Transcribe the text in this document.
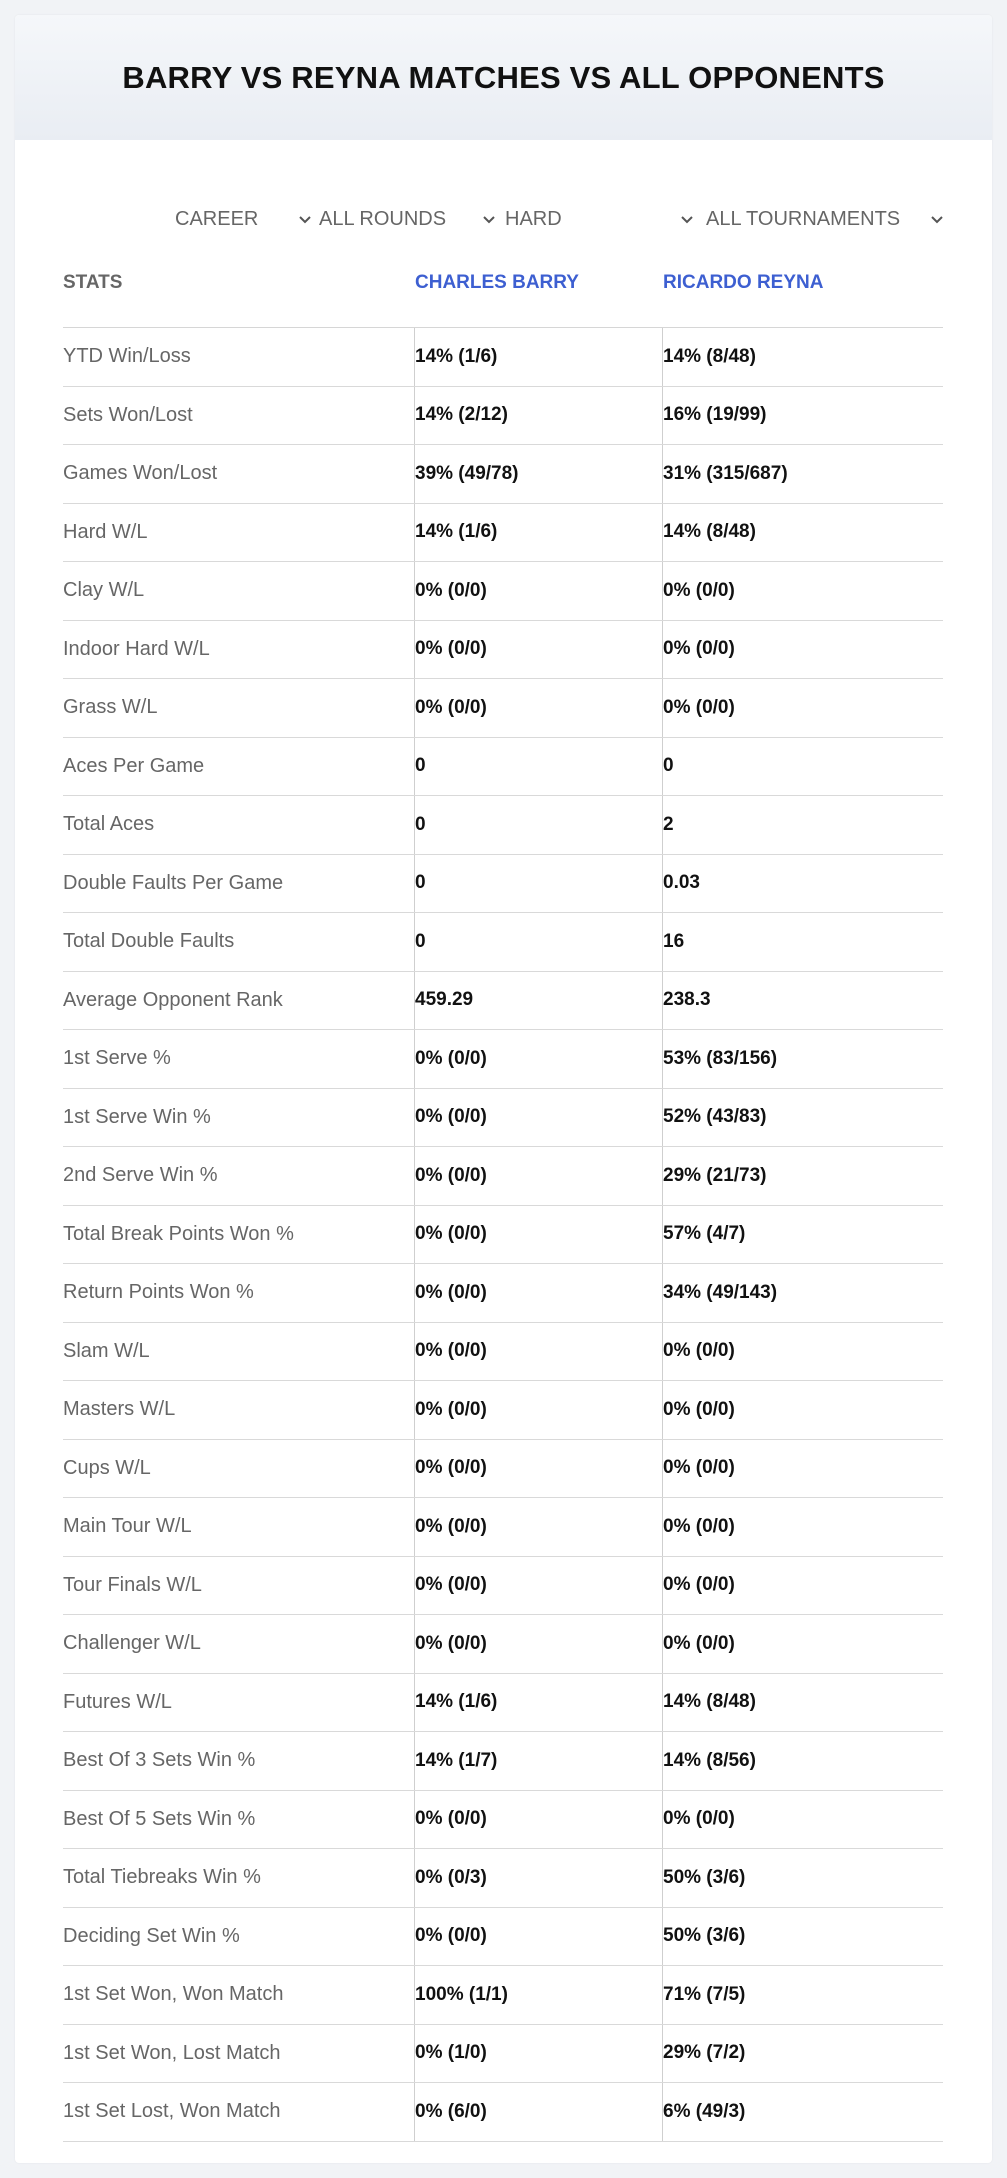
BARRY VS REYNA MATCHES VS ALL OPPONENTS
CAREER	ALL ROUNDS	HARD	ALL TOURNAMENTS
STATS	CHARLES BARRY	RICARDO REYNA
YTD Win/Loss	14% (1/6)	14% (8/48)
Sets Won/Lost	14% (2/12)	16% (19/99)
Games Won/Lost	39% (49/78)	31% (315/687)
Hard W/L	14% (1/6)	14% (8/48)
Clay W/L	0% (0/0)	0% (0/0)
Indoor Hard W/L	0% (0/0)	0% (0/0)
Grass W/L	0% (0/0)	0% (0/0)
Aces Per Game	0	0
Total Aces	0	2
Double Faults Per Game	0	0.03
Total Double Faults	0	16
Average Opponent Rank	459.29	238.3
1st Serve %	0% (0/0)	53% (83/156)
1st Serve Win %	0% (0/0)	52% (43/83)
2nd Serve Win %	0% (0/0)	29% (21/73)
Total Break Points Won %	0% (0/0)	57% (4/7)
Return Points Won %	0% (0/0)	34% (49/143)
Slam W/L	0% (0/0)	0% (0/0)
Masters W/L	0% (0/0)	0% (0/0)
Cups W/L	0% (0/0)	0% (0/0)
Main Tour W/L	0% (0/0)	0% (0/0)
Tour Finals W/L	0% (0/0)	0% (0/0)
Challenger W/L	0% (0/0)	0% (0/0)
Futures W/L	14% (1/6)	14% (8/48)
Best Of 3 Sets Win %	14% (1/7)	14% (8/56)
Best Of 5 Sets Win %	0% (0/0)	0% (0/0)
Total Tiebreaks Win %	0% (0/3)	50% (3/6)
Deciding Set Win %	0% (0/0)	50% (3/6)
1st Set Won, Won Match	100% (1/1)	71% (7/5)
1st Set Won, Lost Match	0% (1/0)	29% (7/2)
1st Set Lost, Won Match	0% (6/0)	6% (49/3)
